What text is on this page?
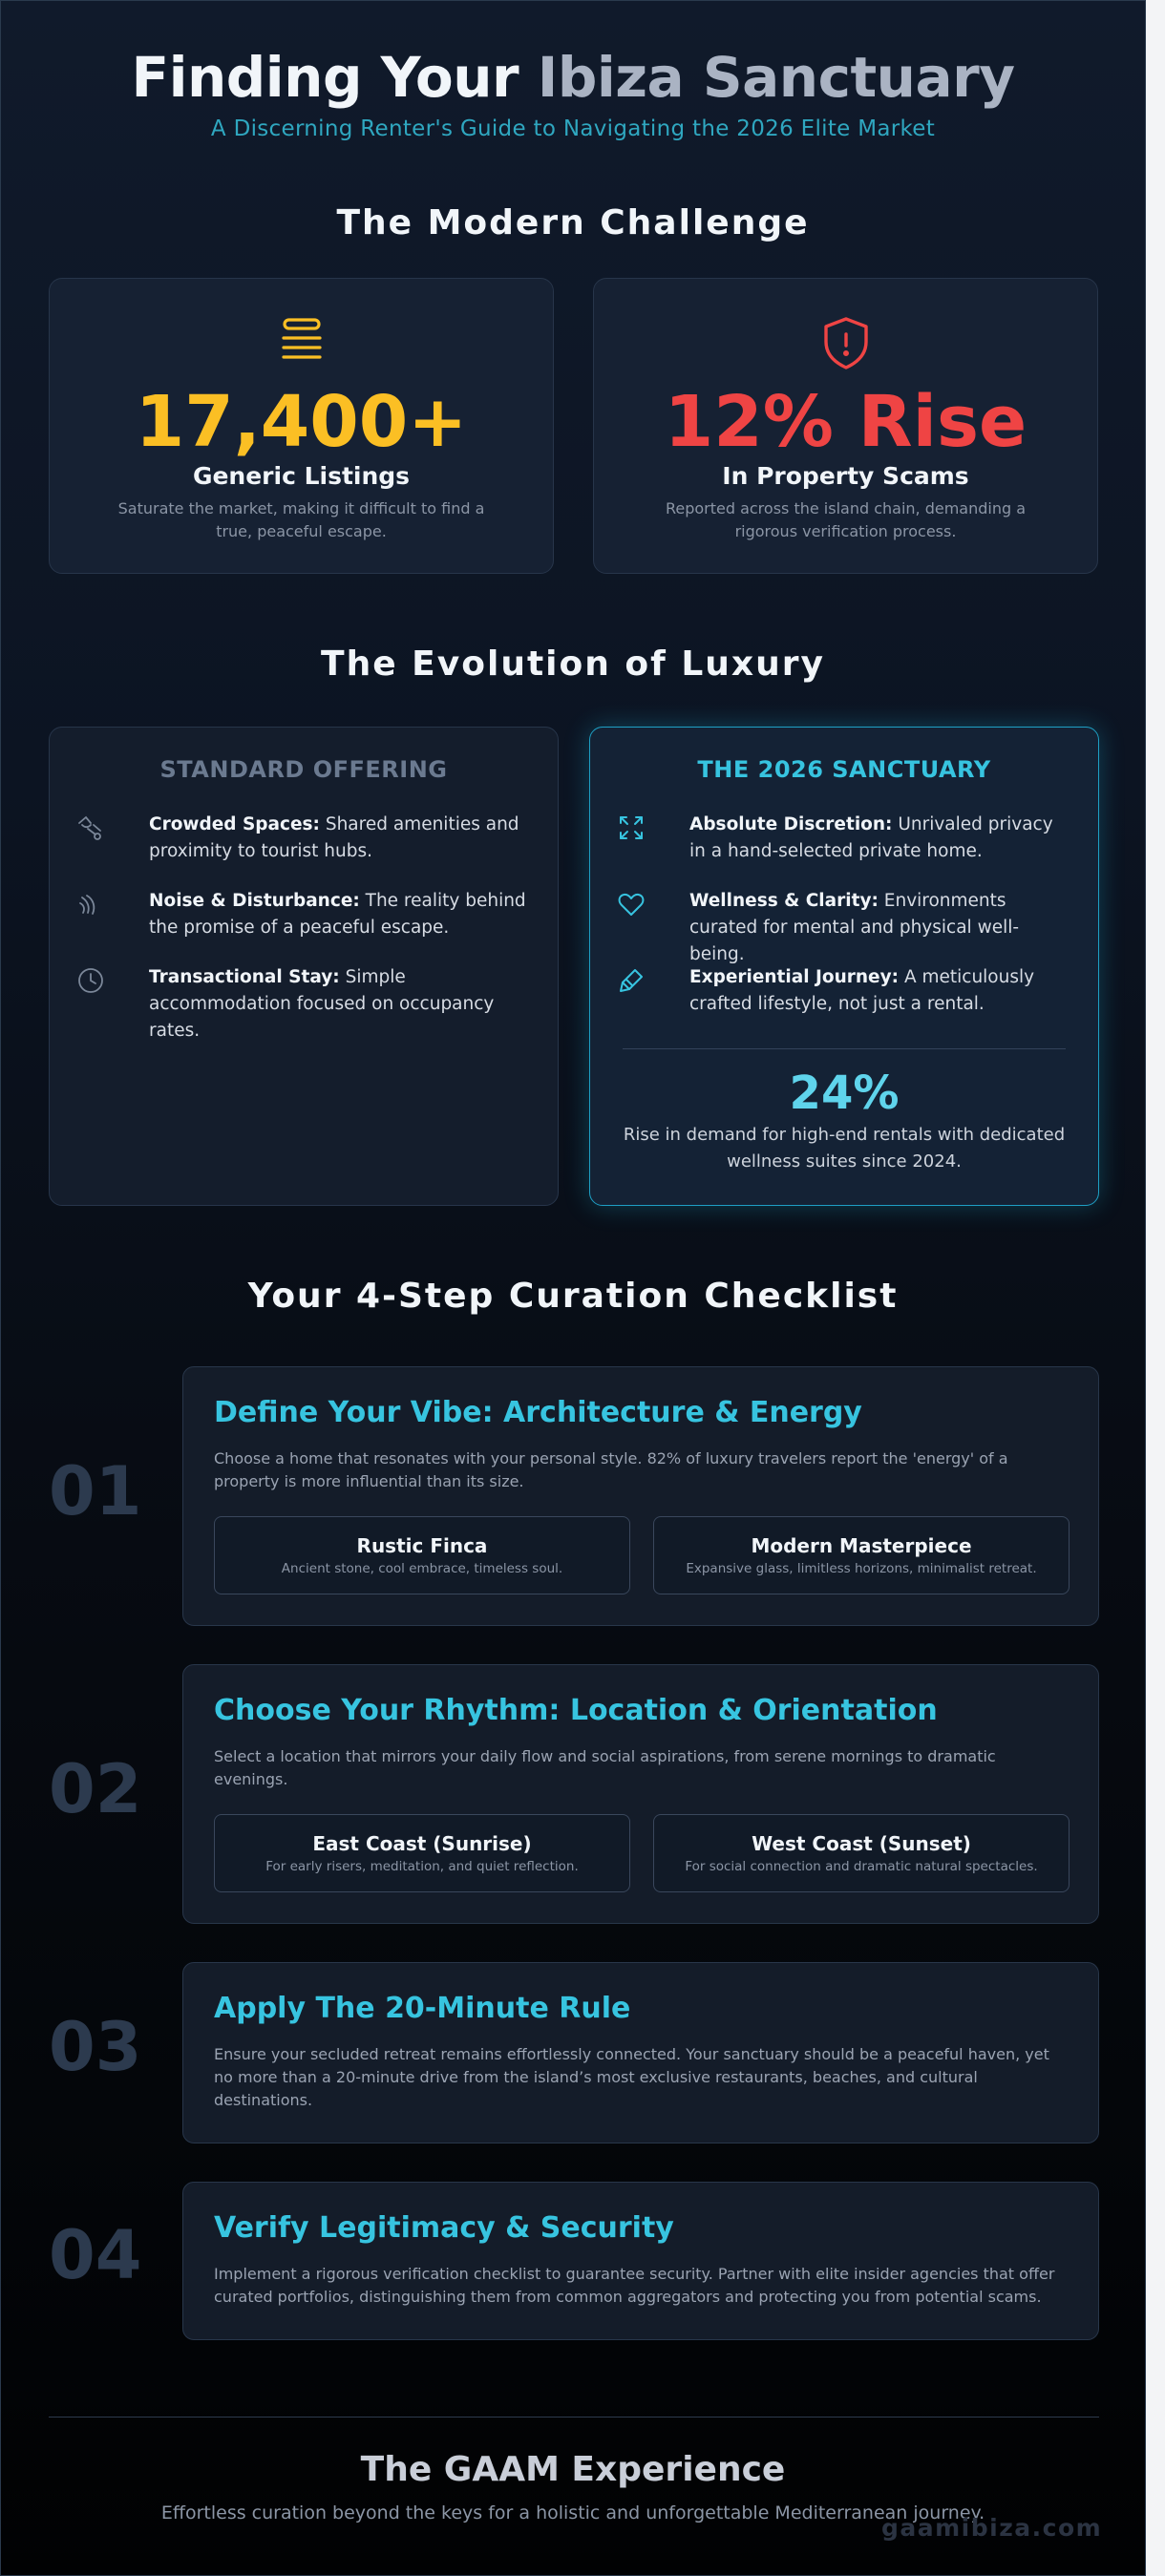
Finding Your Ibiza Sanctuary
A Discerning Renter's Guide to Navigating the 2026 Elite Market
The Modern Challenge
17,400+
Generic Listings
Saturate the market, making it difficult to find a true, peaceful escape.
12% Rise
In Property Scams
Reported across the island chain, demanding a rigorous verification process.
The Evolution of Luxury
STANDARD OFFERING
Crowded Spaces: Shared amenities and proximity to tourist hubs.
Noise & Disturbance: The reality behind the promise of a peaceful escape.
Transactional Stay: Simple accommodation focused on occupancy rates.
THE 2026 SANCTUARY
Absolute Discretion: Unrivaled privacy in a hand-selected private home.
Wellness & Clarity: Environments curated for mental and physical well-being.
Experiential Journey: A meticulously crafted lifestyle, not just a rental.
24%
Rise in demand for high-end rentals with dedicated wellness suites since 2024.
Your 4-Step Curation Checklist
01
Define Your Vibe: Architecture & Energy
Choose a home that resonates with your personal style. 82% of luxury travelers report the 'energy' of a property is more influential than its size.
Rustic Finca
Ancient stone, cool embrace, timeless soul.
Modern Masterpiece
Expansive glass, limitless horizons, minimalist retreat.
02
Choose Your Rhythm: Location & Orientation
Select a location that mirrors your daily flow and social aspirations, from serene mornings to dramatic evenings.
East Coast (Sunrise)
For early risers, meditation, and quiet reflection.
West Coast (Sunset)
For social connection and dramatic natural spectacles.
03	Apply The 20-Minute Rule
Ensure your secluded retreat remains effortlessly connected. Your sanctuary should be a peaceful haven, yet no more than a 20-minute drive from the island’s most exclusive restaurants, beaches, and cultural destinations.
04	Verify Legitimacy & Security
Implement a rigorous verification checklist to guarantee security. Partner with elite insider agencies that offer curated portfolios, distinguishing them from common aggregators and protecting you from potential scams.
The GAAM Experience
Effortless curation beyond the keys for a holistic and unforgettable Mediterranean journey.
gaamibiza.com
